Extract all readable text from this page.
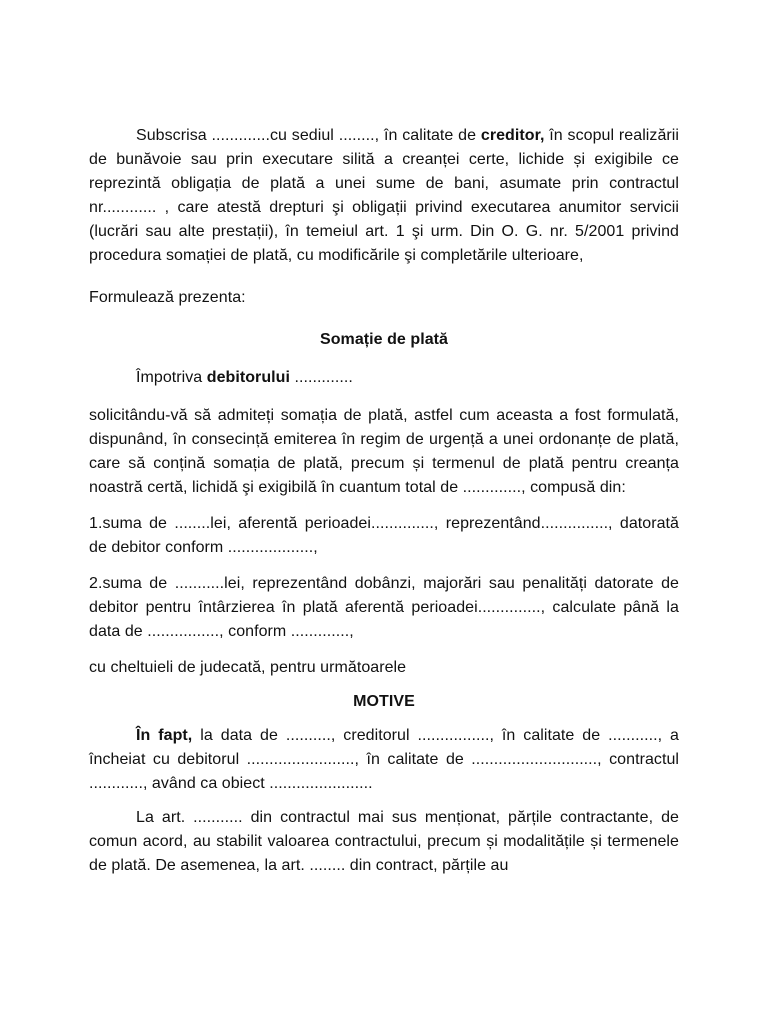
Subscrisa .............cu sediul ........, în calitate de creditor, în scopul realizării de bunăvoie sau prin executare silită a creanței certe, lichide și exigibile ce reprezintă obligația de plată a unei sume de bani, asumate prin contractul nr............ , care atestă drepturi şi obligații privind executarea anumitor servicii (lucrări sau alte prestații), în temeiul art. 1 şi urm. Din O. G. nr. 5/2001 privind procedura somației de plată, cu modificările şi completările ulterioare,

Formulează prezenta:

Somație de plată

Împotriva debitorului .............

solicitându-vă să admiteți somația de plată, astfel cum aceasta a fost formulată, dispunând, în consecință emiterea în regim de urgență a unei ordonanțe de plată, care să conțină somația de plată, precum și termenul de plată pentru creanța noastră certă, lichidă şi exigibilă în cuantum total de ............., compusă din:

1.suma de ........lei, aferentă perioadei.............., reprezentând..............., datorată de debitor conform ...................,

2.suma de ...........lei, reprezentând dobânzi, majorări sau penalități datorate de debitor pentru întârzierea în plată aferentă perioadei.............., calculate până la data de ................, conform .............,

cu cheltuieli de judecată, pentru următoarele

MOTIVE

În fapt, la data de .........., creditorul ................, în calitate de ..........., a încheiat cu debitorul ........................, în calitate de ............................, contractul ............, având ca obiect .......................

La art. ........... din contractul mai sus menționat, părțile contractante, de comun acord, au stabilit valoarea contractului, precum și modalitățile și termenele de plată. De asemenea, la art. ........ din contract, părțile au
